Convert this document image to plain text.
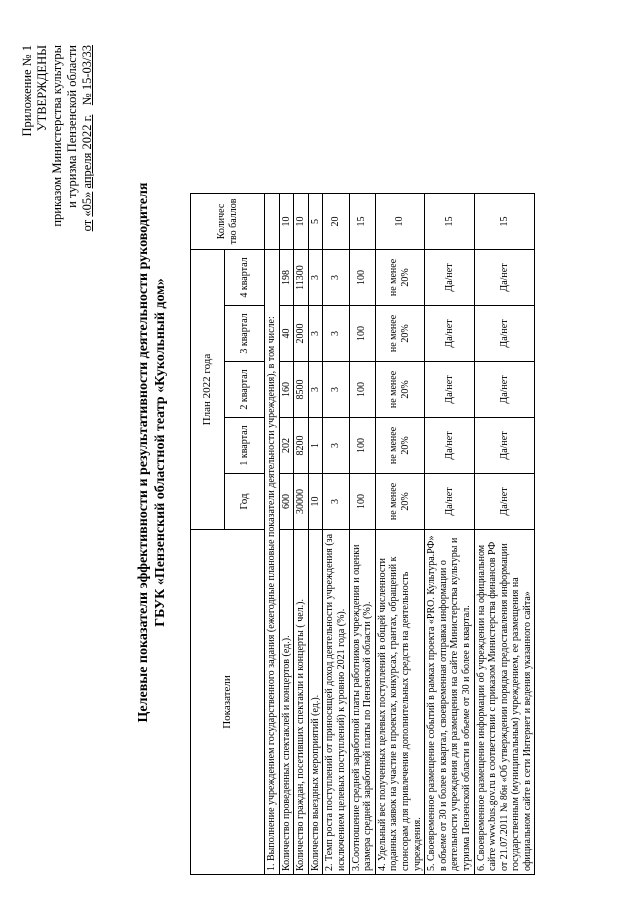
Приложение № 1 УТВЕРЖДЕНЫ приказом Министерства культуры и туризма Пензенской области
от «05» апреля 2022 г.   № 15-03/33
Целевые показатели эффективности и результативности деятельности руководителя ГБУК «Пензенский областной театр «Кукольный дом»
Показатели	План 2022 года					Количес тво баллов
	Год	1 квартал	2 квартал	3 квартал	4 квартал	
1. Выполнение учреждением государственного задания (ежегодные плановые показатели деятельности учреждения), в том числе:						
Количество проведенных спектаклей и концертов (ед.).	600	202	160	40	198	10
Количество граждан, посетивших спектакли и концерты ( чел.).	30000	8200	8500	2000	11300	10
Количество выездных мероприятий (ед.).	10	1	3	3	3	5
2. Темп роста поступлений от приносящей доход деятельности учреждения (за исключением целевых поступлений) к уровню 2021 года (%).	3	3	3	3	3	20
3.Соотношение средней заработной платы работников учреждения и оценки размера средней заработной платы по Пензенской области (%).	100	100	100	100	100	15
4. Удельный вес полученных целевых поступлений в общей численности поданных заявок на участие в проектах, конкурсах, грантах, обращений к спонсорам для привлечения дополнительных средств на деятельность учреждения.	не менее 20%	не менее 20%	не менее 20%	не менее 20%	не менее 20%	10
5. Своевременное размещение событий в рамках проекта «PRO. Культура.РФ» в объеме от 30 и более в квартал, своевременная отправка информации о деятельности учреждения для размещения на сайте Министерства культуры и туризма Пензенской области в объеме от 30 и более в квартал.	Да/нет	Да/нет	Да/нет	Да/нет	Да/нет	15
6. Своевременное размещение информации об учреждении на официальном сайте www.bus.gov.ru в соответствии с приказом Министерства финансов РФ от 21.07.2011 № 86н «Об утверждении порядка предоставления информации государственным (муниципальным) учреждением, ее размещения на официальном сайте в сети Интернет и ведения указанного сайта»	Да/нет	Да/нет	Да/нет	Да/нет	Да/нет	15
